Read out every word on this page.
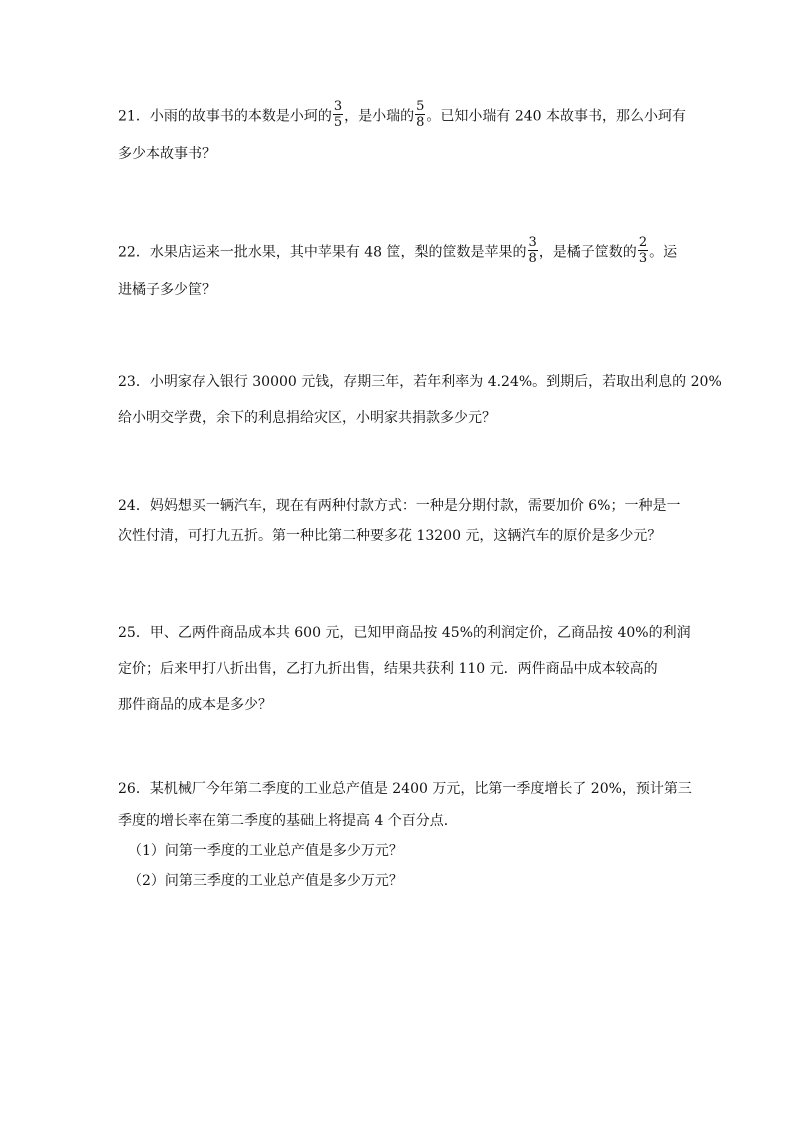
21．小雨的故事书的本数是小珂的 $\frac{3}{5}$ ，是小瑞的 $\frac{5}{8}$ 。已知小瑞有 240 本故事书，那么小珂有
多少本故事书？
22．水果店运来一批水果，其中苹果有 48 筐，梨的筐数是苹果的 $\frac{3}{8}$ ，是橘子筐数的 $\frac{2}{3}$ 。运
进橘子多少筐？
23．小明家存入银行 30000 元钱，存期三年，若年利率为 4.24%。到期后，若取出利息的 20%
给小明交学费，余下的利息捐给灾区，小明家共捐款多少元？
24．妈妈想买一辆汽车，现在有两种付款方式：一种是分期付款，需要加价 6%；一种是一
次性付清，可打九五折。第一种比第二种要多花 13200 元，这辆汽车的原价是多少元？
25．甲、乙两件商品成本共 600 元，已知甲商品按 45%的利润定价，乙商品按 40%的利润
定价；后来甲打八折出售，乙打九折出售，结果共获利 110 元．两件商品中成本较高的
那件商品的成本是多少？
26．某机械厂今年第二季度的工业总产值是 2400 万元，比第一季度增长了 20%，预计第三
季度的增长率在第二季度的基础上将提高 4 个百分点．
（1）问第一季度的工业总产值是多少万元？
（2）问第三季度的工业总产值是多少万元？
